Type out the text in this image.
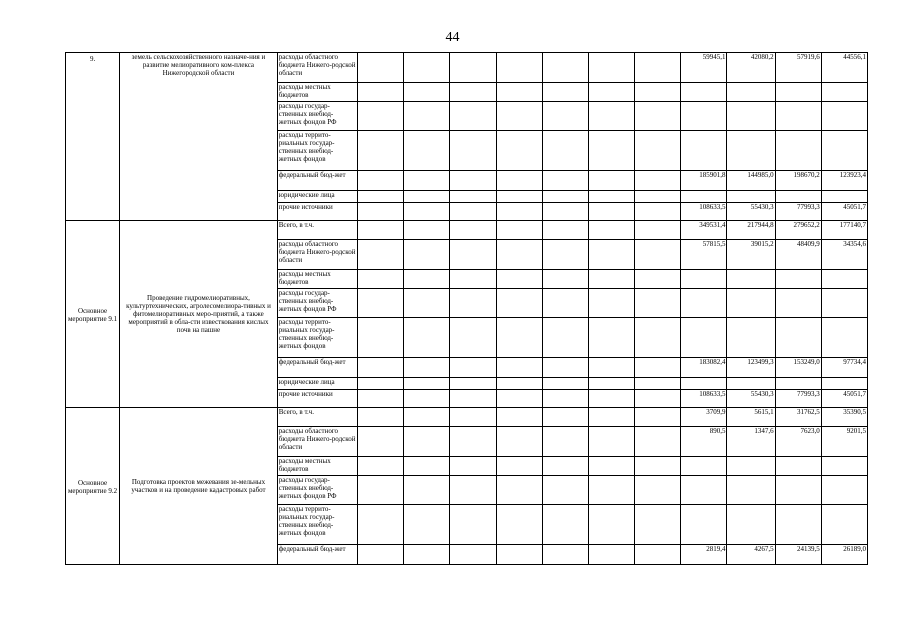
44
9.	земель сельскохозяйственного назначе-ния и развитие мелиоративного ком-плекса Нижегородской области	расходы областного бюджета Нижего-родской области								59945,1	42080,2	57919,6	44556,1
		расходы местных бюджетов											
		расходы государ-ственных внебюд-жетных фондов РФ											
		расходы террито-риальных государ-ственных внебюд-жетных фондов											
		федеральный бюд-жет								185901,8	144985,0	198670,2	123923,4
		юридические лица											
		прочие источники								108633,5	55430,3	77993,3	45051,7

Основное мероприятие 9.1	Проведение гидромелиоративных, культуртехнических, агролесомелиора-тивных и фитомелиоративных меро-приятий, а также мероприятий в обла-сти известкования кислых почв на пашне	Всего, в т.ч.								349531,4	217944,8	279652,2	177140,7
		расходы областного бюджета Нижего-родской области								57815,5	39015,2	48409,9	34354,6
		расходы местных бюджетов											
		расходы государ-ственных внебюд-жетных фондов РФ											
		расходы террито-риальных государ-ственных внебюд-жетных фондов											
		федеральный бюд-жет								183082,4	123499,3	153249,0	97734,4
		юридические лица											
		прочие источники								108633,5	55430,3	77993,3	45051,7

Основное мероприятие 9.2	Подготовка проектов межевания зе-мельных участков и на проведение кадастровых работ	Всего, в т.ч.								3709,9	5615,1	31762,5	35390,5
		расходы областного бюджета Нижего-родской области								890,5	1347,6	7623,0	9201,5
		расходы местных бюджетов											
		расходы государ-ственных внебюд-жетных фондов РФ											
		расходы террито-риальных государ-ственных внебюд-жетных фондов											
		федеральный бюд-жет								2819,4	4267,5	24139,5	26189,0
